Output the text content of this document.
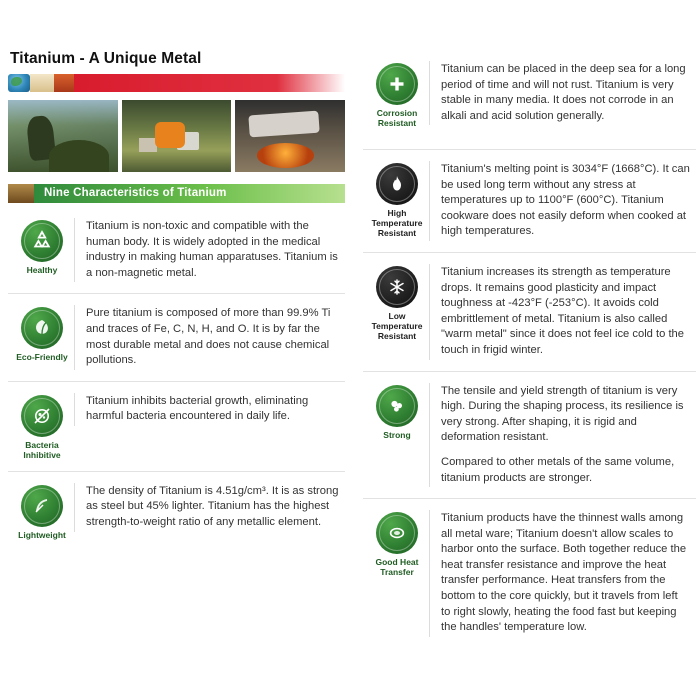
Titanium - A Unique Metal
Nine Characteristics of Titanium
Healthy

Titanium is non-toxic and compatible with the human body. It is widely adopted in the medical industry in making human apparatuses. Titanium is a non-magnetic metal.

Eco-Friendly

Pure titanium is composed of more than 99.9% Ti and traces of Fe, C, N, H, and O. It is by far the most durable metal and does not cause chemical pollutions.

Bacteria Inhibitive

Titanium inhibits bacterial growth, eliminating harmful bacteria encountered in daily life.

Lightweight

The density of Titanium is 4.51g/cm³. It is as strong as steel but 45% lighter. Titanium has the highest strength-to-weight ratio of any metallic element.

Corrosion Resistant

Titanium can be placed in the deep sea for a long period of time and will not rust. Titanium is very stable in many media. It does not corrode in an alkali and acid solution generally.

High Temperature Resistant

Titanium's melting point is 3034°F (1668°C). It can be used long term without any stress at temperatures up to 1100°F (600°C). Titanium cookware does not easily deform when cooked at high temperatures.

Low Temperature Resistant

Titanium increases its strength as temperature drops. It remains good plasticity and impact toughness at -423°F (-253°C). It avoids cold embrittlement of metal. Titanium is also called "warm metal" since it does not feel ice cold to the touch in frigid winter.

Strong

The tensile and yield strength of titanium is very high. During the shaping process, its resilience is very strong. After shaping, it is rigid and deformation resistant.

Compared to other metals of the same volume, titanium products are stronger.

Good Heat Transfer

Titanium products have the thinnest walls among all metal ware; Titanium doesn't allow scales to harbor onto the surface. Both together reduce the heat transfer resistance and improve the heat transfer performance. Heat transfers from the bottom to the core quickly, but it travels from left to right slowly, heating the food fast but keeping the handles' temperature low.
